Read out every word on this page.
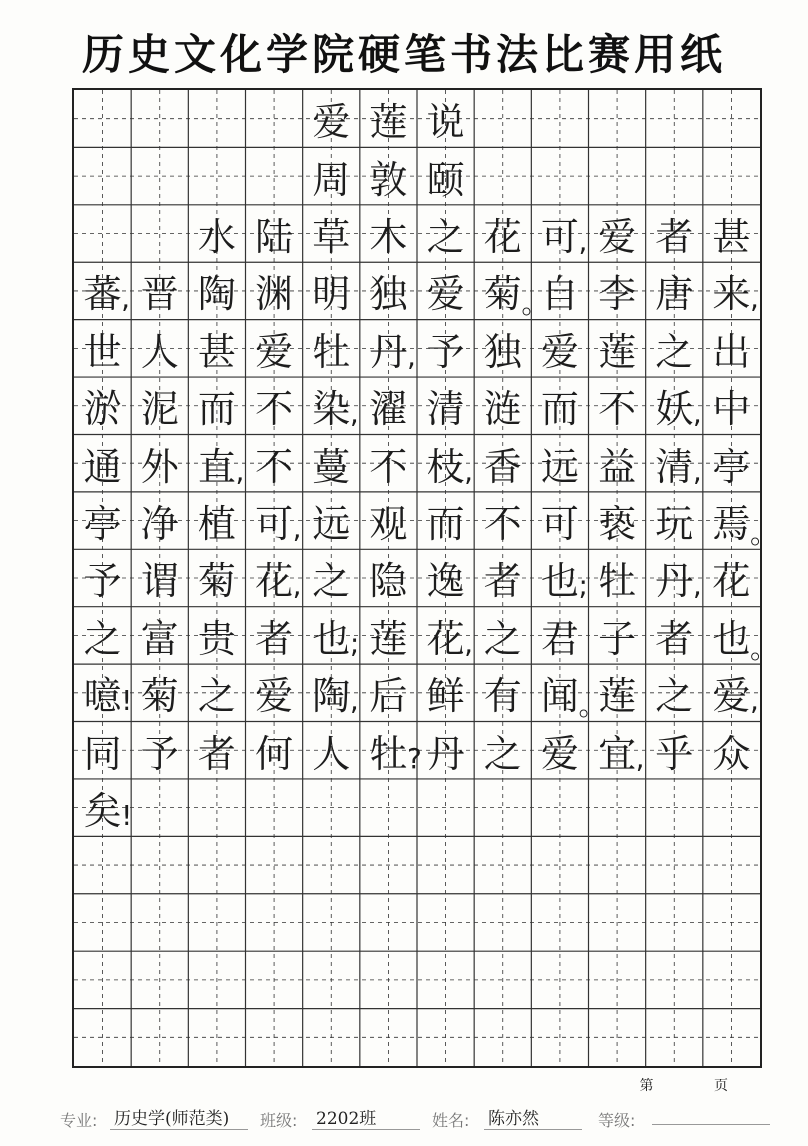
历史文化学院硬笔书法比赛用纸
爱 莲 说
周 敦 颐
水 陆 草 木 之 花 可 爱 者 甚
蕃 晋 陶 渊 明 独 爱 菊 自 李 唐 来
世 人 甚 爱 牡 丹 予 独 爱 莲 之 出
淤 泥 而 不 染 濯 清 涟 而 不 妖 中
通 外 直 不 蔓 不 枝 香 远 益 清 亭
亭 净 植 可 远 观 而 不 可 亵 玩 焉
予 谓 菊 花 之 隐 逸 者 也 牡 丹 花
之 富 贵 者 也 莲 花 之 君 子 者 也
噫 菊 之 爱 陶 后 鲜 有 闻 莲 之 爱
同 予 者 何 人 牡 丹 之 爱 宜 乎 众
矣
,
,	。	,
,
,	,
,	,	,
,	。
,	;	,
;	,	。
!	,	。	,
?	,
!
第 页
专业: 历史学(师范类)	班级: 2202班	姓名: 陈亦然	等级:
